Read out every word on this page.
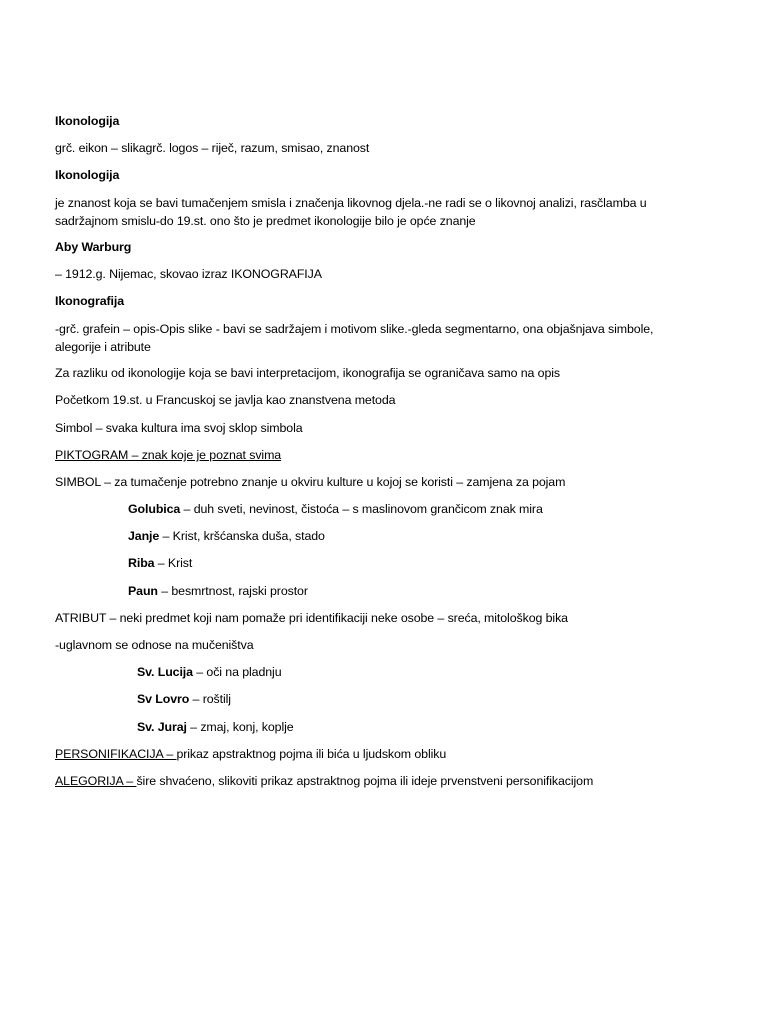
Ikonologija
grč. eikon – slikagrč. logos – riječ, razum, smisao, znanost
Ikonologija
je znanost koja se bavi tumačenjem smisla i značenja likovnog djela.-ne radi se o likovnoj analizi, rasčlamba u sadržajnom smislu-do 19.st. ono što je predmet ikonologije bilo je opće znanje
Aby Warburg
– 1912.g. Nijemac, skovao izraz IKONOGRAFIJA
Ikonografija
-grč. grafein – opis-Opis slike - bavi se sadržajem i motivom slike.-gleda segmentarno, ona objašnjava simbole, alegorije i atribute
Za razliku od ikonologije koja se bavi interpretacijom, ikonografija se ograničava samo na opis
Početkom 19.st. u Francuskoj se javlja kao znanstvena metoda
Simbol – svaka kultura ima svoj sklop simbola
PIKTOGRAM – znak koje je poznat svima
SIMBOL – za tumačenje potrebno znanje u okviru kulture u kojoj se koristi – zamjena za pojam
Golubica – duh sveti, nevinost, čistoća – s maslinovom grančicom znak mira
Janje – Krist, kršćanska duša, stado
Riba – Krist
Paun – besmrtnost, rajski prostor
ATRIBUT – neki predmet koji nam pomaže pri identifikaciji neke osobe – sreća, mitološkog bika
-uglavnom se odnose na mučeništva
Sv. Lucija – oči na pladnju
Sv Lovro – roštilj
Sv. Juraj – zmaj, konj, koplje
PERSONIFIKACIJA – prikaz apstraktnog pojma ili bića u ljudskom obliku
ALEGORIJA – šire shvaćeno, slikoviti prikaz apstraktnog pojma ili ideje prvenstveni personifikacijom
